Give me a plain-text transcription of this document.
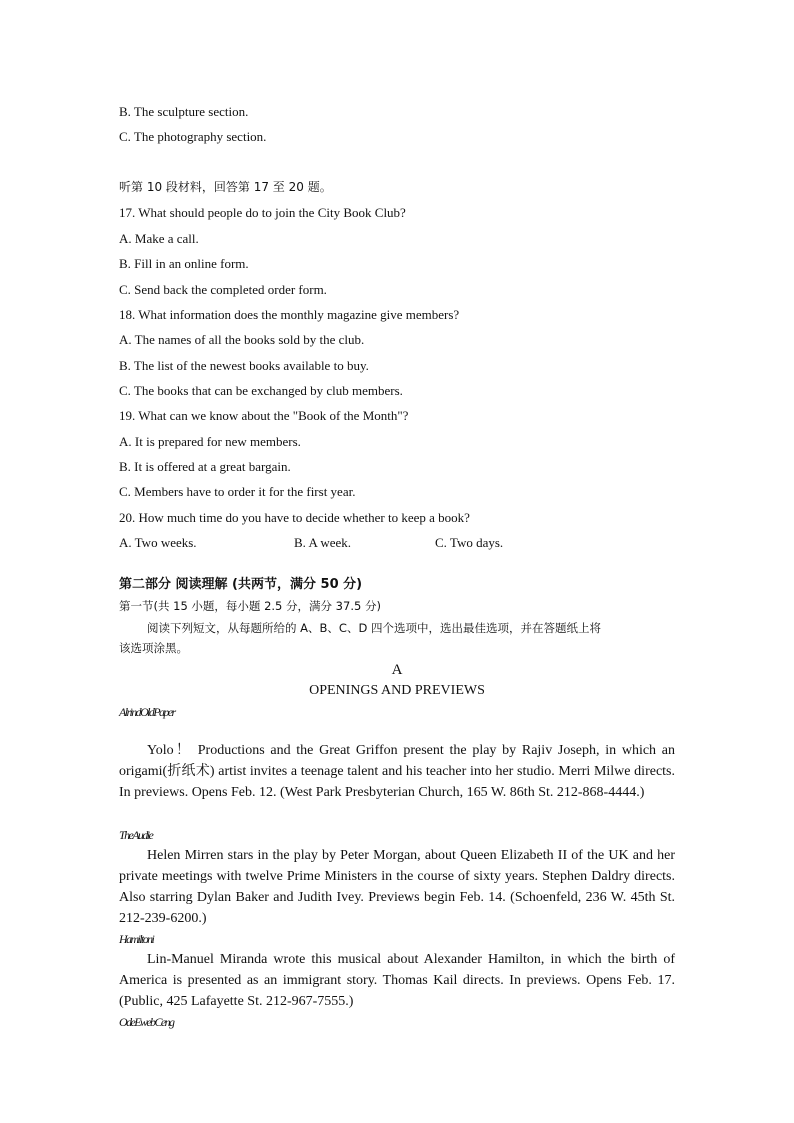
B. The sculpture section.
C. The photography section.
听第 10 段材料，回答第 17 至 20 题。
17. What should people do to join the City Book Club?
A. Make a call.
B. Fill in an online form.
C. Send back the completed order form.
18. What information does the monthly magazine give members?
A. The names of all the books sold by the club.
B. The list of the newest books available to buy.
C. The books that can be exchanged by club members.
19. What can we know about the "Book of the Month"?
A. It is prepared for new members.
B. It is offered at a great bargain.
C. Members have to order it for the first year.
20. How much time do you have to decide whether to keep a book?
A. Two weeks.	B. A week.	C. Two days.
第二部分 阅读理解 (共两节，满分 50 分)
第一节(共 15 小题，每小题 2.5 分，满分 37.5 分)
阅读下列短文，从每题所给的 A、B、C、D 四个选项中，选出最佳选项，并在答题纸上将
该选项涂黑。
A
OPENINGS AND PREVIEWS
AlrindOldPaper

Yolo！ Productions and the Great Griffon present the play by Rajiv Joseph, in which an origami(折纸术) artist invites a teenage talent and his teacher into her studio. Merri Milwe directs. In previews. Opens Feb. 12. (West Park Presbyterian Church, 165 W. 86th St. 212-868-4444.)

TheAudie

Helen Mirren stars in the play by Peter Morgan, about Queen Elizabeth II of the UK and her private meetings with twelve Prime Ministers in the course of sixty years. Stephen Daldry directs. Also starring Dylan Baker and Judith Ivey. Previews begin Feb. 14. (Schoenfeld, 236 W. 45th St. 212-239-6200.)

Hamiltoni

Lin-Manuel Miranda wrote this musical about Alexander Hamilton, in which the birth of America is presented as an immigrant story. Thomas Kail directs. In previews. Opens Feb. 17. (Public, 425 Lafayette St. 212-967-7555.)

OdeEwebCeng
